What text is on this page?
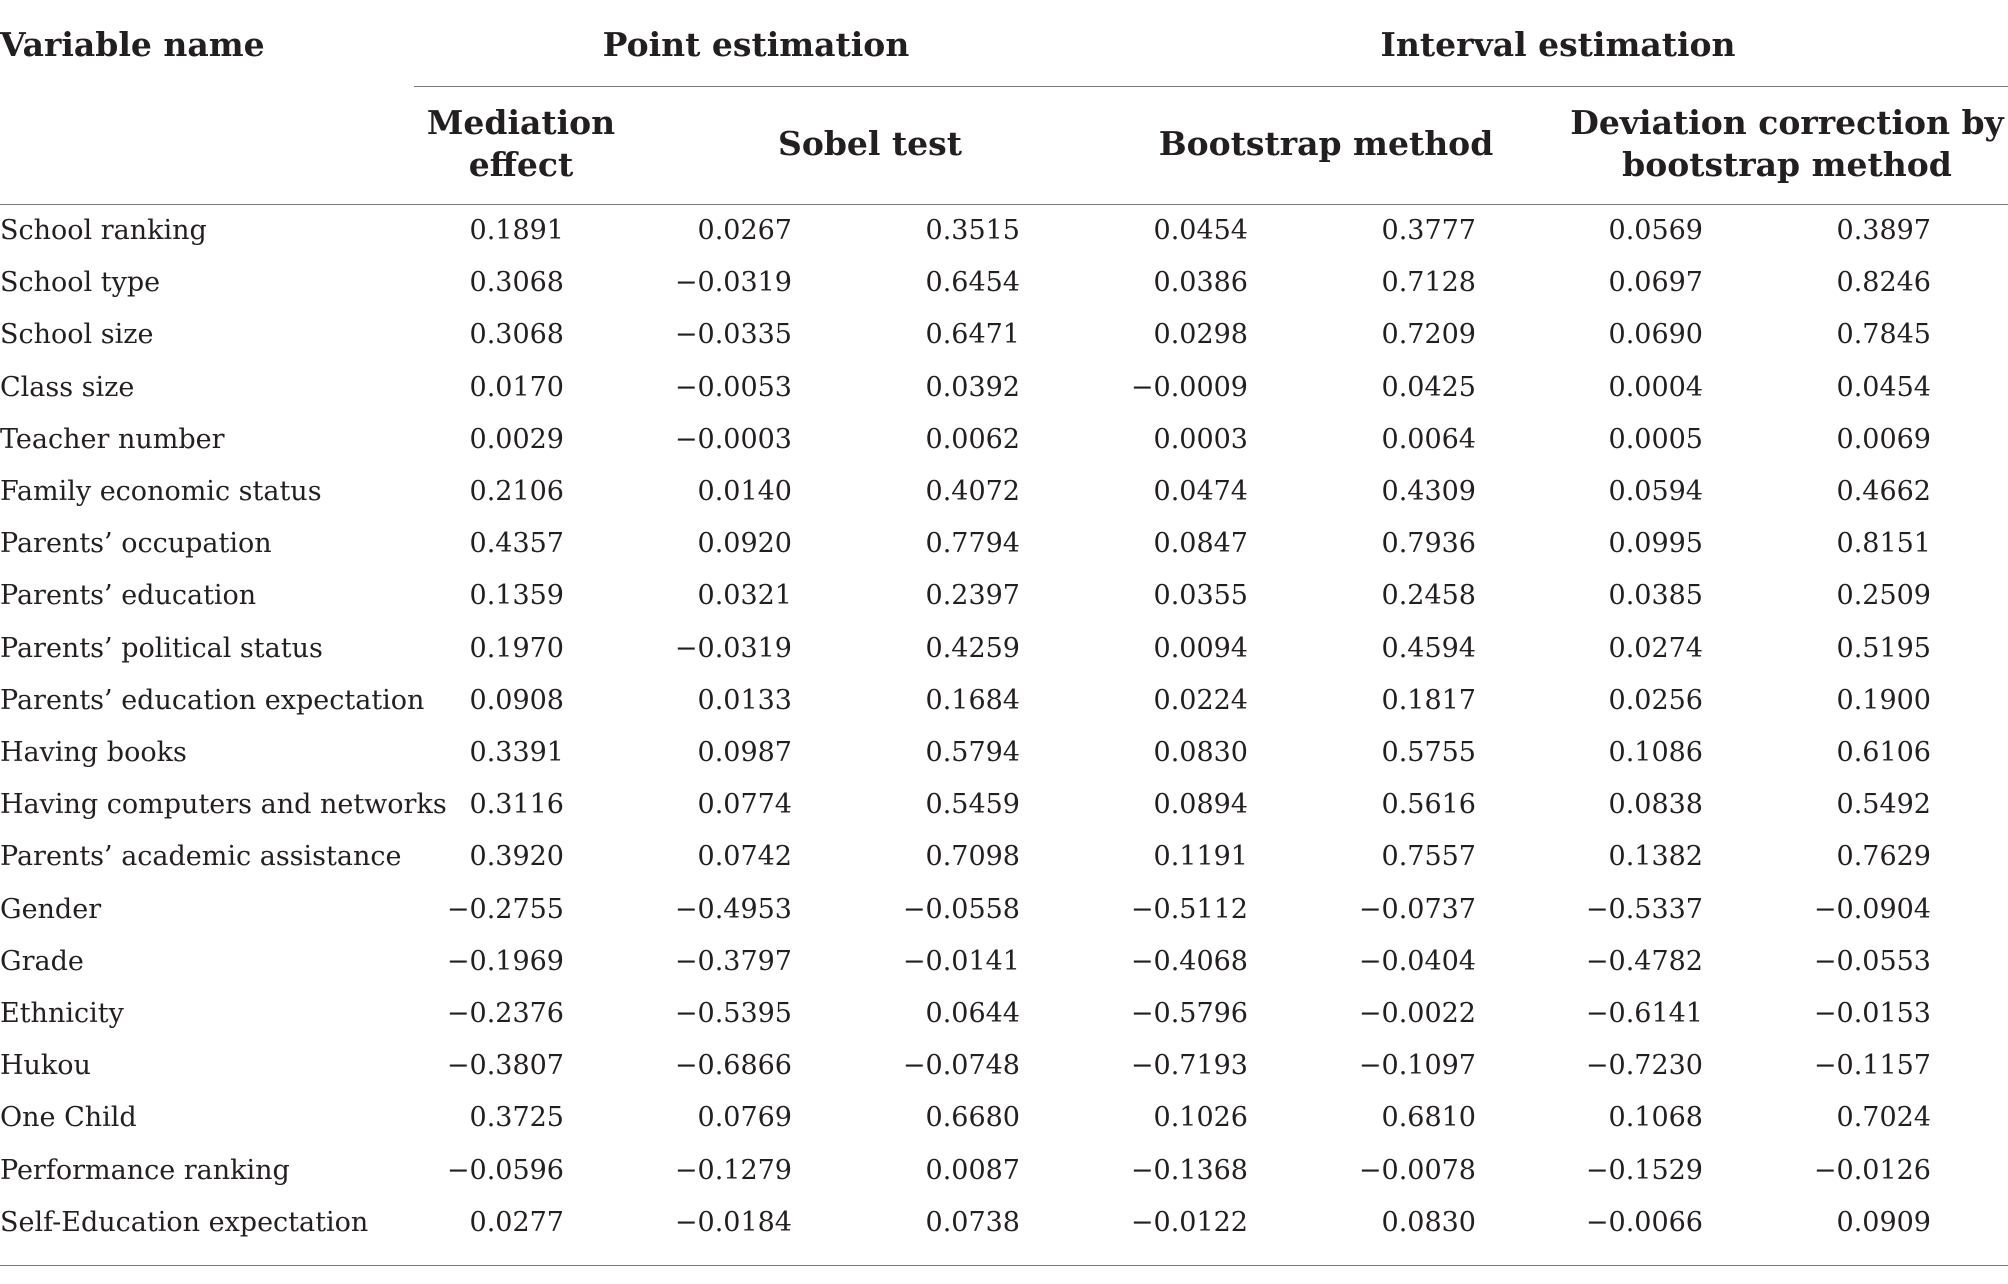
Variable name	Point estimation	Interval estimation
Mediation
effect
Sobel test	Bootstrap method
Deviation correction by
bootstrap method
School ranking	0.1891	0.0267	0.3515	0.0454	0.3777	0.0569	0.3897
School type	0.3068	−0.0319	0.6454	0.0386	0.7128	0.0697	0.8246
School size	0.3068	−0.0335	0.6471	0.0298	0.7209	0.0690	0.7845
Class size	0.0170	−0.0053	0.0392	−0.0009	0.0425	0.0004	0.0454
Teacher number	0.0029	−0.0003	0.0062	0.0003	0.0064	0.0005	0.0069
Family economic status	0.2106	0.0140	0.4072	0.0474	0.4309	0.0594	0.4662
Parents’ occupation	0.4357	0.0920	0.7794	0.0847	0.7936	0.0995	0.8151
Parents’ education	0.1359	0.0321	0.2397	0.0355	0.2458	0.0385	0.2509
Parents’ political status	0.1970	−0.0319	0.4259	0.0094	0.4594	0.0274	0.5195
Parents’ education expectation 0.0908	0.0133	0.1684	0.0224	0.1817	0.0256	0.1900
Having books	0.3391	0.0987	0.5794	0.0830	0.5755	0.1086	0.6106
Having computers and networks 0.3116	0.0774	0.5459	0.0894	0.5616	0.0838	0.5492
Parents’ academic assistance	0.3920	0.0742	0.7098	0.1191	0.7557	0.1382	0.7629
Gender	−0.2755	−0.4953	−0.0558	−0.5112	−0.0737	−0.5337	−0.0904
Grade	−0.1969	−0.3797	−0.0141	−0.4068	−0.0404	−0.4782	−0.0553
Ethnicity	−0.2376	−0.5395	0.0644	−0.5796	−0.0022	−0.6141	−0.0153
Hukou	−0.3807	−0.6866	−0.0748	−0.7193	−0.1097	−0.7230	−0.1157
One Child	0.3725	0.0769	0.6680	0.1026	0.6810	0.1068	0.7024
Performance ranking	−0.0596	−0.1279	0.0087	−0.1368	−0.0078	−0.1529	−0.0126
Self-Education expectation	0.0277	−0.0184	0.0738	−0.0122	0.0830	−0.0066	0.0909
